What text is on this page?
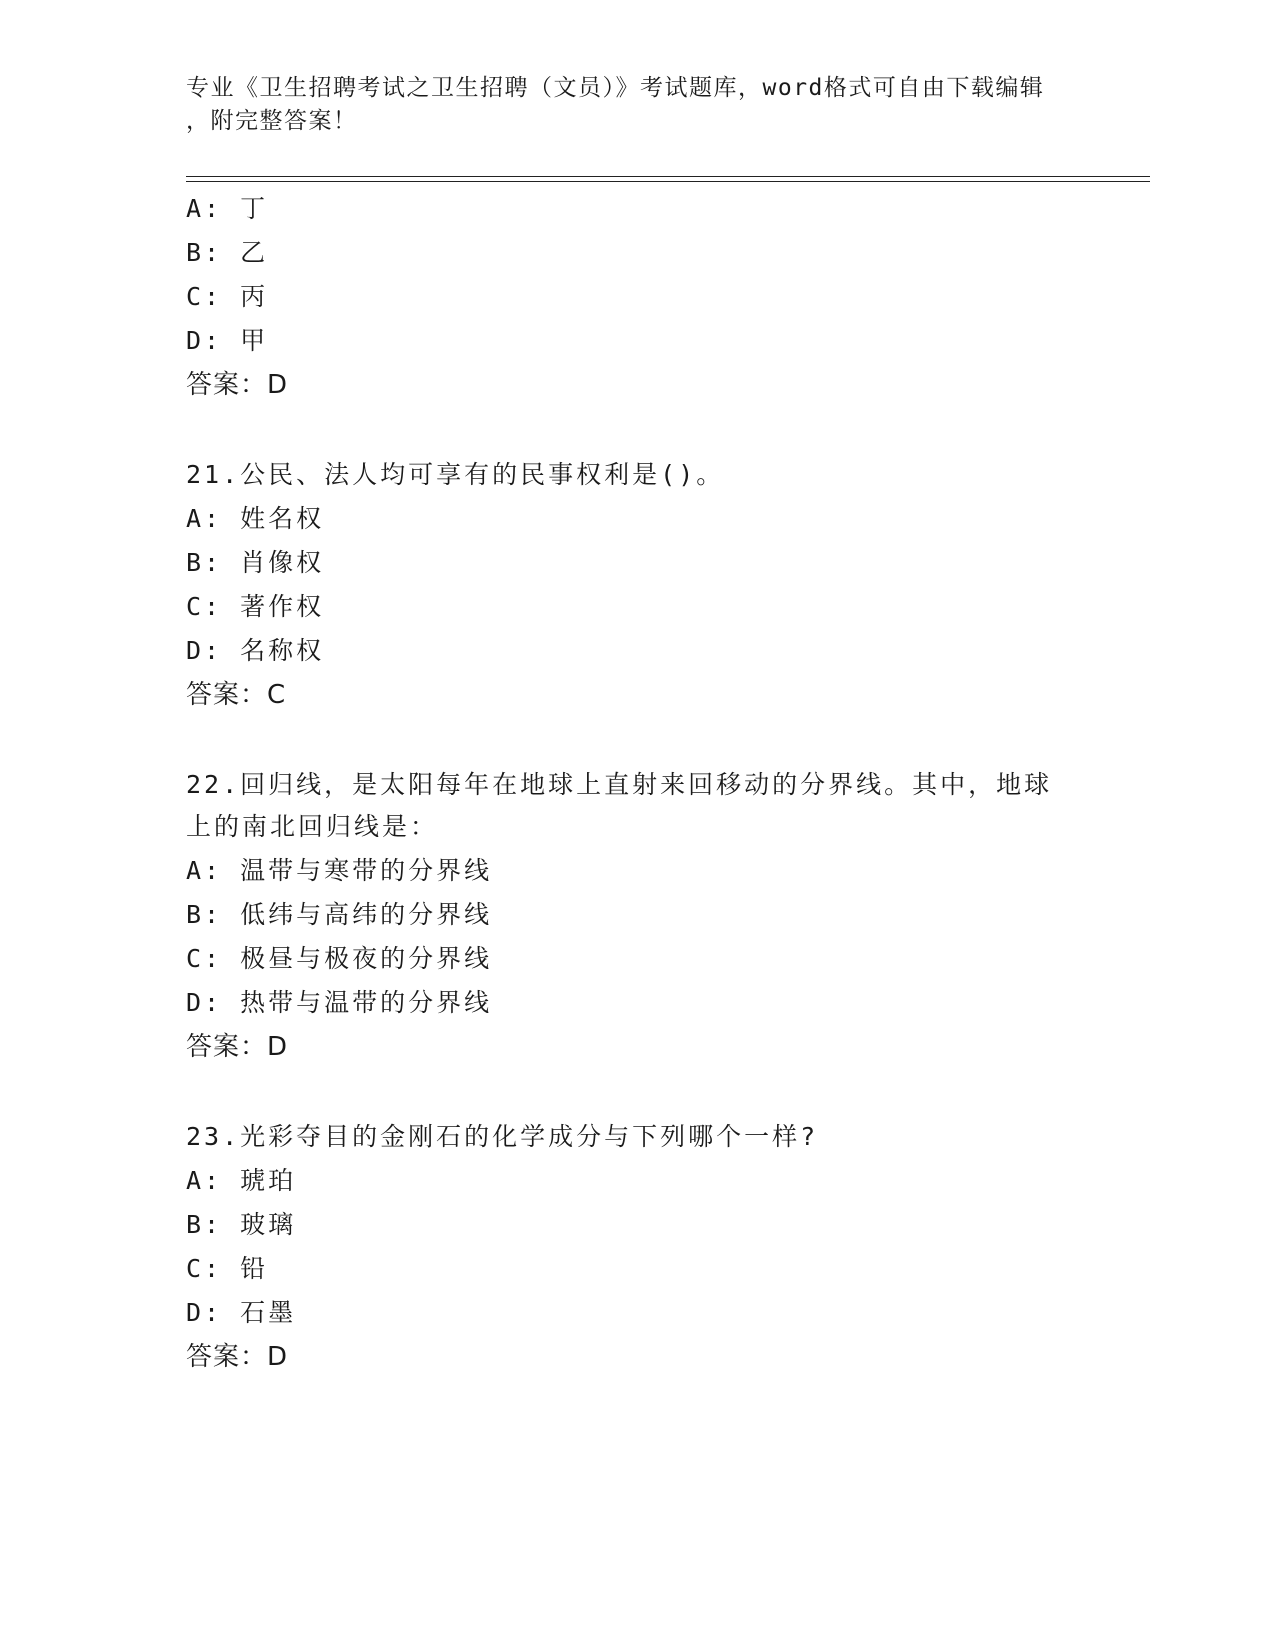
专业《卫生招聘考试之卫生招聘（文员）》考试题库，word格式可自由下载编辑
，附完整答案！
A: 丁
B: 乙
C: 丙
D: 甲
答案：D
21.公民、法人均可享有的民事权利是()。
A: 姓名权
B: 肖像权
C: 著作权
D: 名称权
答案：C
22.回归线，是太阳每年在地球上直射来回移动的分界线。其中，地球
上的南北回归线是：
A: 温带与寒带的分界线
B: 低纬与高纬的分界线
C: 极昼与极夜的分界线
D: 热带与温带的分界线
答案：D
23.光彩夺目的金刚石的化学成分与下列哪个一样?
A: 琥珀
B: 玻璃
C: 铅
D: 石墨
答案：D
